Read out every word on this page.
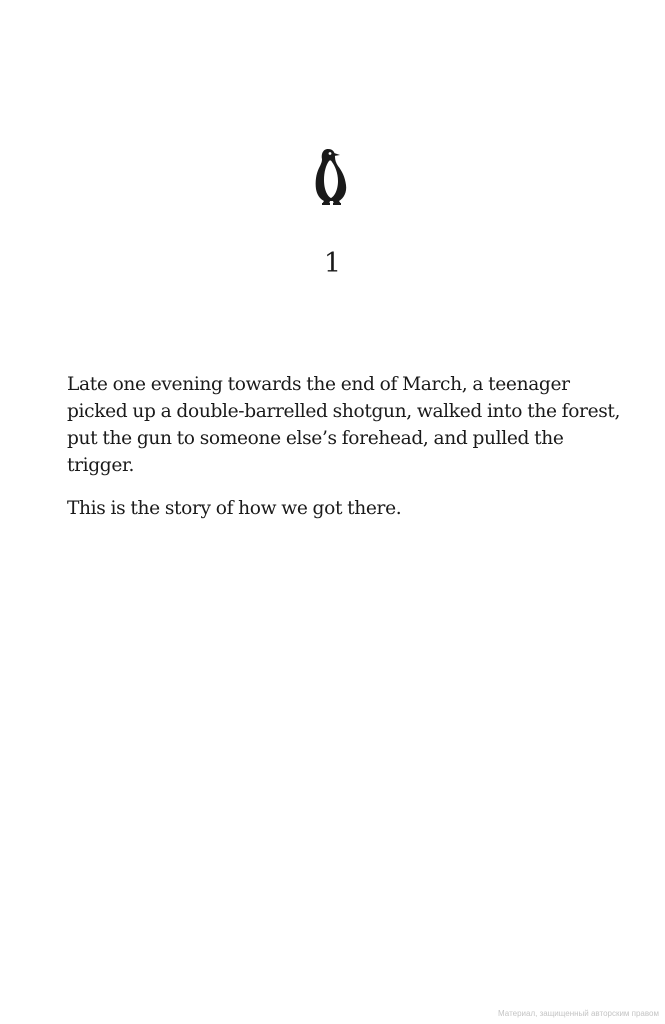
1

Late one evening towards the end of March, a teenager picked up a double-barrelled shotgun, walked into the forest, put the gun to someone else’s forehead, and pulled the trigger.

This is the story of how we got there.

Материал, защищенный авторским правом
